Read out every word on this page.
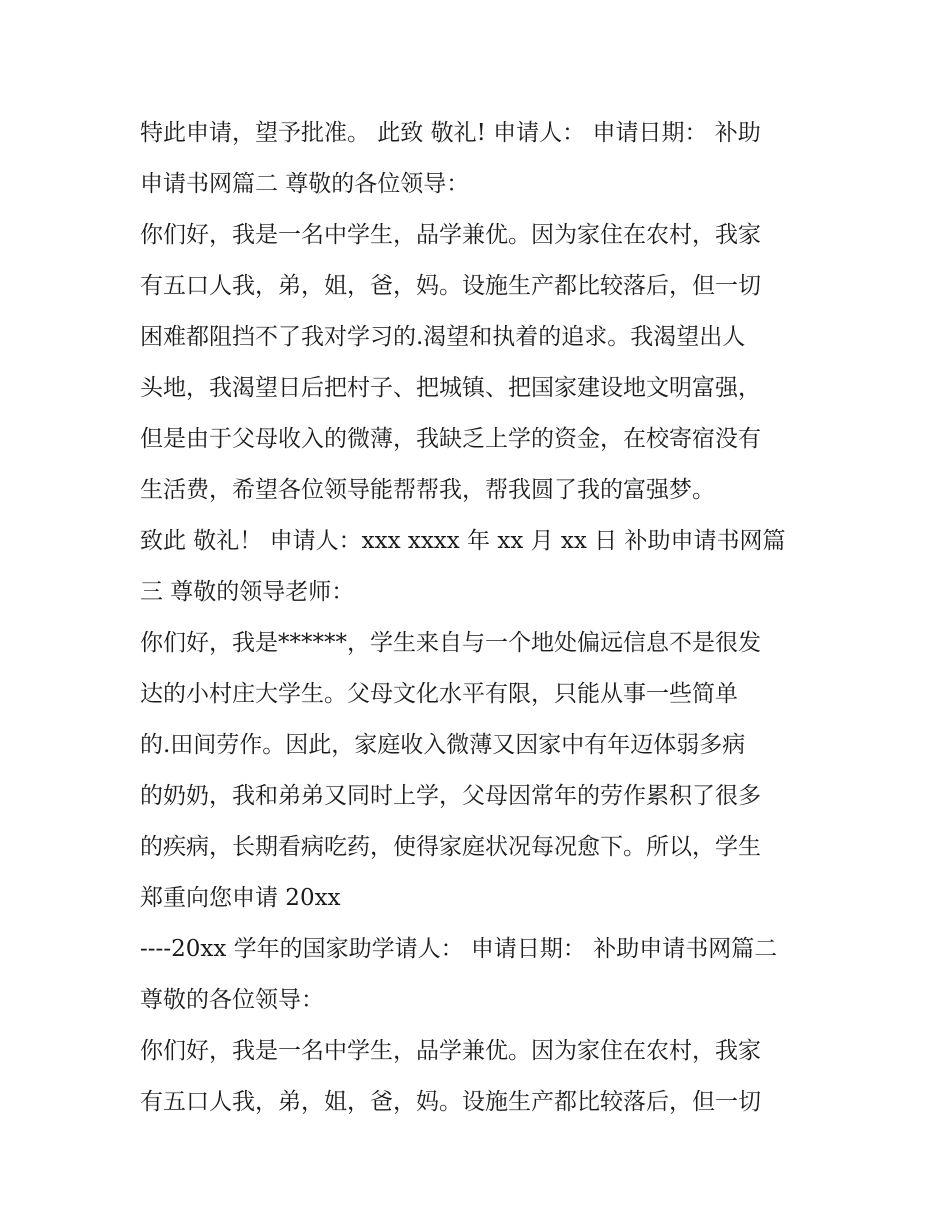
特此申请，望予批准。 此致 敬礼! 申请人： 申请日期： 补助
申请书网篇二 尊敬的各位领导：
你们好，我是一名中学生，品学兼优。因为家住在农村，我家
有五口人我，弟，姐，爸，妈。设施生产都比较落后，但一切
困难都阻挡不了我对学习的.渴望和执着的追求。我渴望出人
头地，我渴望日后把村子、把城镇、把国家建设地文明富强，
但是由于父母收入的微薄，我缺乏上学的资金，在校寄宿没有
生活费，希望各位领导能帮帮我，帮我圆了我的富强梦。
致此 敬礼！ 申请人：xxx xxxx 年 xx 月 xx 日 补助申请书网篇
三 尊敬的领导老师：
你们好，我是******，学生来自与一个地处偏远信息不是很发
达的小村庄大学生。父母文化水平有限，只能从事一些简单
的.田间劳作。因此，家庭收入微薄又因家中有年迈体弱多病
的奶奶，我和弟弟又同时上学，父母因常年的劳作累积了很多
的疾病，长期看病吃药，使得家庭状况每况愈下。所以，学生
郑重向您申请 20xx
----20xx 学年的国家助学请人： 申请日期： 补助申请书网篇二
尊敬的各位领导：
你们好，我是一名中学生，品学兼优。因为家住在农村，我家
有五口人我，弟，姐，爸，妈。设施生产都比较落后，但一切
